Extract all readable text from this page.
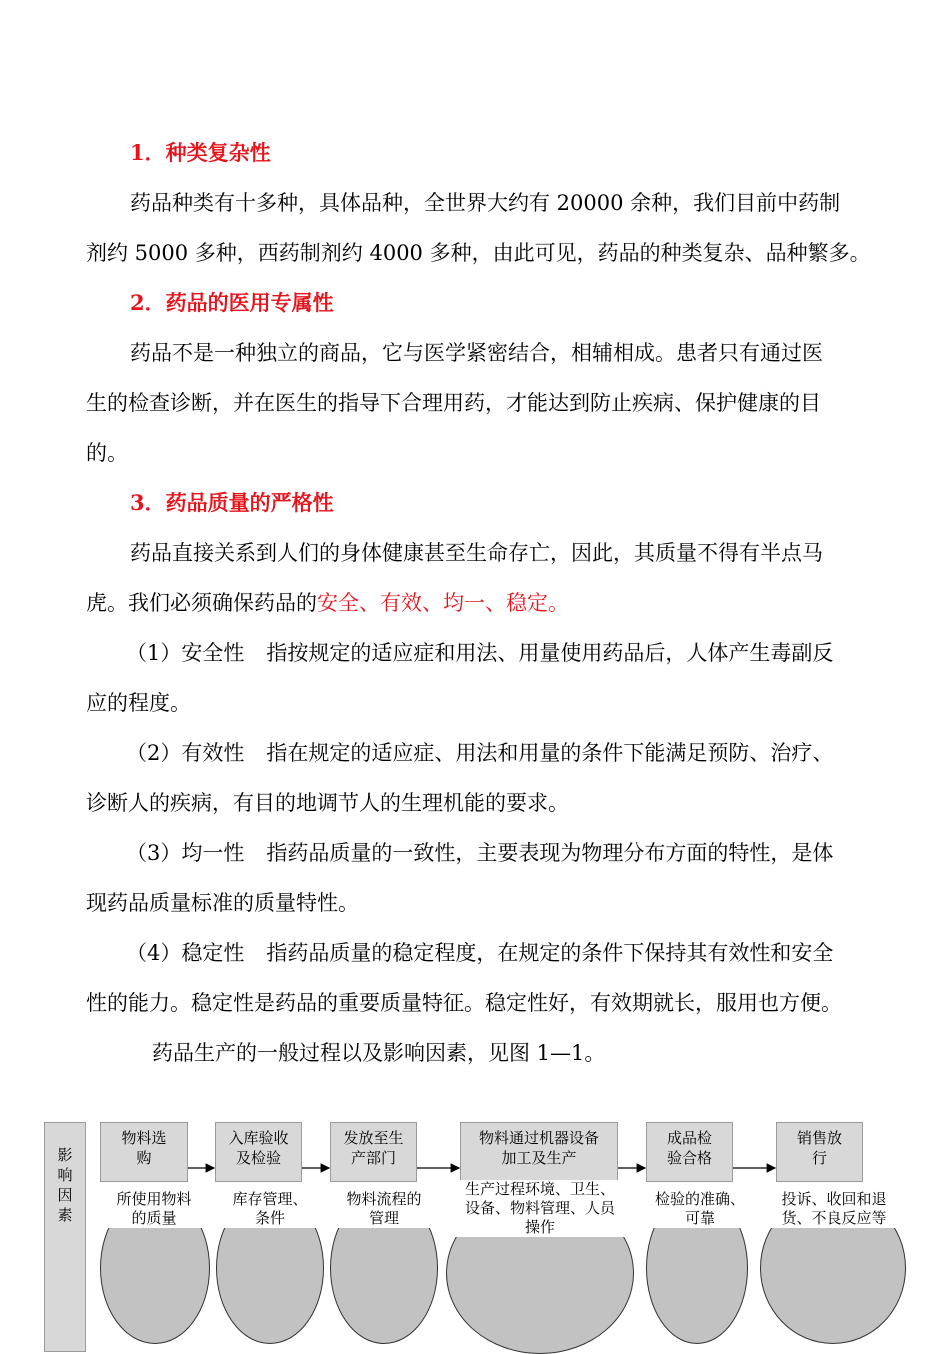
1．种类复杂性
药品种类有十多种，具体品种，全世界大约有 20000 余种，我们目前中药制
剂约 5000 多种，西药制剂约 4000 多种，由此可见，药品的种类复杂、品种繁多。
2．药品的医用专属性
药品不是一种独立的商品，它与医学紧密结合，相辅相成。患者只有通过医
生的检查诊断，并在医生的指导下合理用药，才能达到防止疾病、保护健康的目
的。
3．药品质量的严格性
药品直接关系到人们的身体健康甚至生命存亡，因此，其质量不得有半点马
虎。我们必须确保药品的安全、有效、均一、稳定。
（1）安全性 指按规定的适应症和用法、用量使用药品后，人体产生毒副反
应的程度。
（2）有效性 指在规定的适应症、用法和用量的条件下能满足预防、治疗、
诊断人的疾病，有目的地调节人的生理机能的要求。
（3）均一性 指药品质量的一致性，主要表现为物理分布方面的特性，是体
现药品质量标准的质量特性。
（4）稳定性 指药品质量的稳定程度，在规定的条件下保持其有效性和安全
性的能力。稳定性是药品的重要质量特征。稳定性好，有效期就长，服用也方便。
药品生产的一般过程以及影响因素，见图 1—1。
影
响
因
素
物料选
购
入库验收
及检验
发放至生
产部门
物料通过机器设备
加工及生产
成品检
验合格
销售放
行
所使用物料
的质量
库存管理、
条件
物料流程的
管理
生产过程环境、卫生、
设备、物料管理、人员
操作
检验的准确、
可靠
投诉、收回和退
货、不良反应等
